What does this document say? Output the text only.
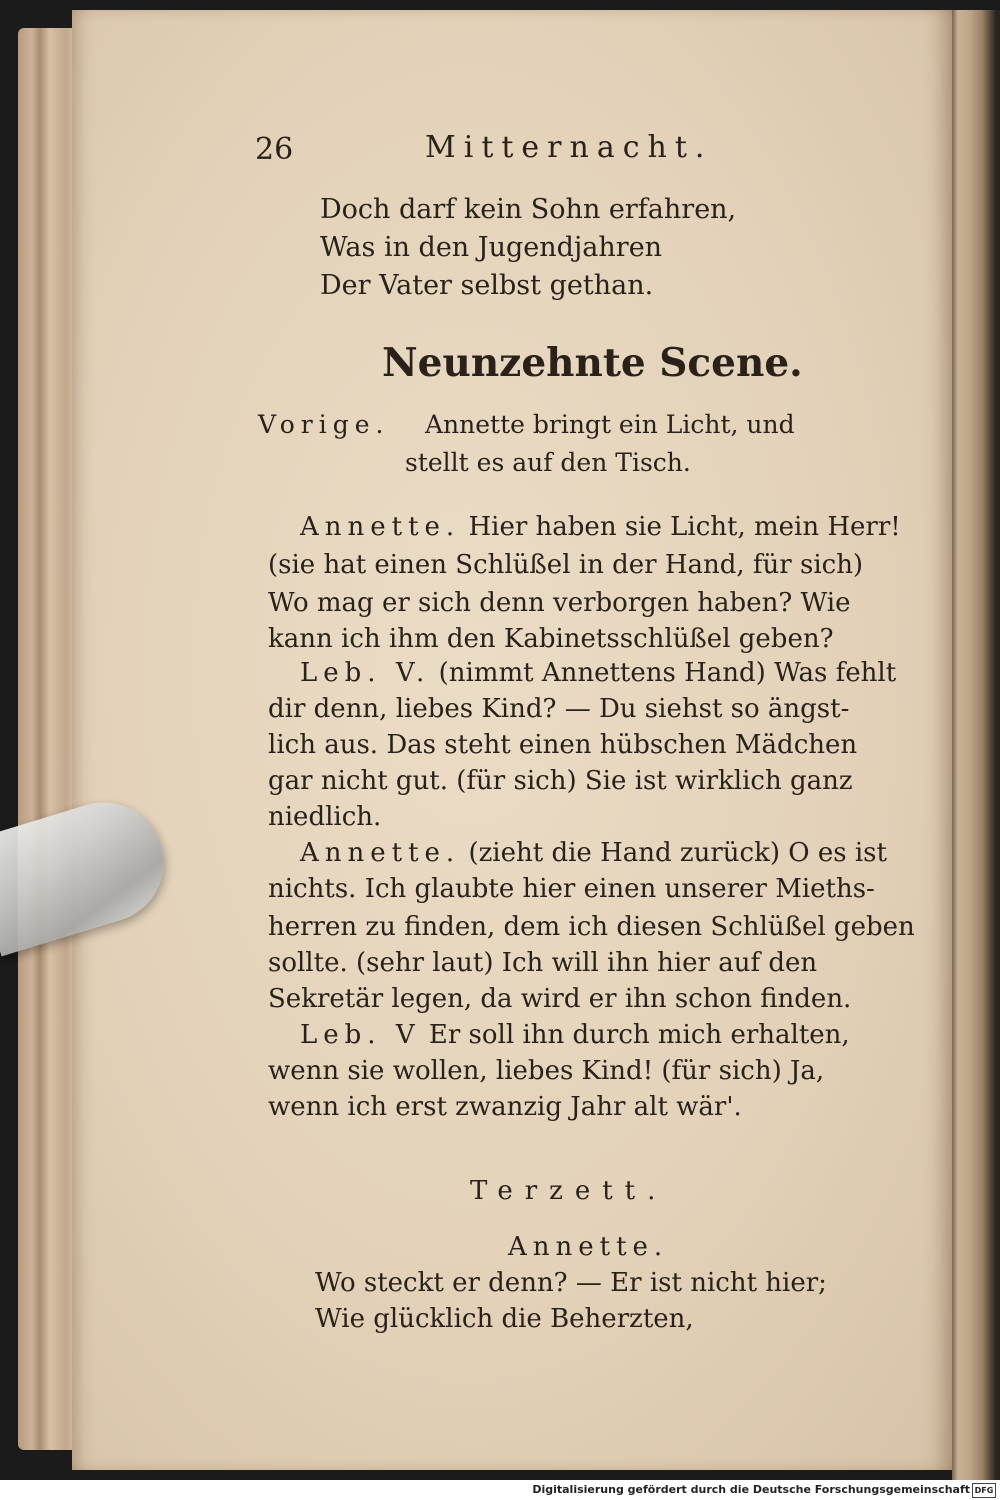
26	Mitternacht.
Doch darf kein Sohn erfahren,
Was in den Jugendjahren
Der Vater selbst gethan.
Neunzehnte Scene.
Vorige. Annette bringt ein Licht, und
stellt es auf den Tisch.
Annette. Hier haben sie Licht, mein Herr!
(sie hat einen Schlüßel in der Hand, für sich)
Wo mag er sich denn verborgen haben? Wie
kann ich ihm den Kabinetsschlüßel geben?
Leb. V. (nimmt Annettens Hand) Was fehlt
dir denn, liebes Kind? — Du siehst so ängst-
lich aus. Das steht einen hübschen Mädchen
gar nicht gut. (für sich) Sie ist wirklich ganz
niedlich.
Annette. (zieht die Hand zurück) O es ist
nichts. Ich glaubte hier einen unserer Mieths-
herren zu finden, dem ich diesen Schlüßel geben
sollte. (sehr laut) Ich will ihn hier auf den
Sekretär legen, da wird er ihn schon finden.
Leb. V Er soll ihn durch mich erhalten,
wenn sie wollen, liebes Kind! (für sich) Ja,
wenn ich erst zwanzig Jahr alt wär'.
Terzett.
Annette.
Wo steckt er denn? — Er ist nicht hier;
Wie glücklich die Beherzten,
Digitalisierung gefördert durch die Deutsche Forschungsgemeinschaft DFG
